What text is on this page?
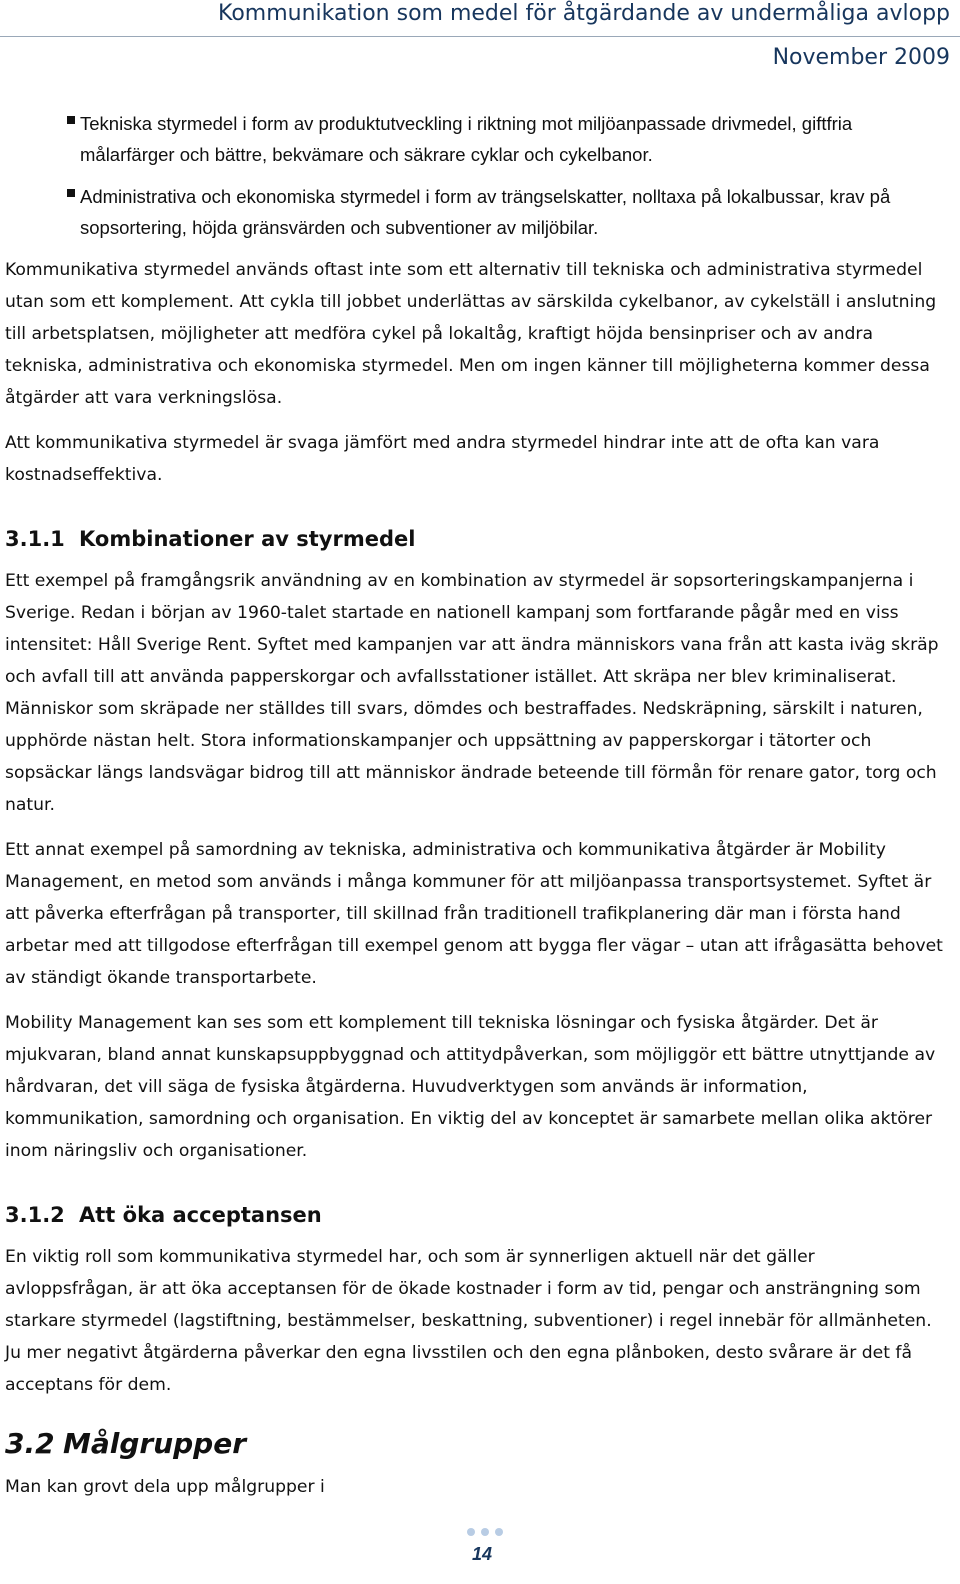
Kommunikation som medel för åtgärdande av undermåliga avlopp
November 2009
Tekniska styrmedel i form av produktutveckling i riktning mot miljöanpassade drivmedel, giftfria målarfärger och bättre, bekvämare och säkrare cyklar och cykelbanor.
Administrativa och ekonomiska styrmedel i form av trängselskatter, nolltaxa på lokalbussar, krav på sopsortering, höjda gränsvärden och subventioner av miljöbilar.

Kommunikativa styrmedel används oftast inte som ett alternativ till tekniska och administrativa styrmedel utan som ett komplement. Att cykla till jobbet underlättas av särskilda cykelbanor, av cykelställ i anslutning till arbetsplatsen, möjligheter att medföra cykel på lokaltåg, kraftigt höjda bensinpriser och av andra tekniska, administrativa och ekonomiska styrmedel. Men om ingen känner till möjligheterna kommer dessa åtgärder att vara verkningslösa.

Att kommunikativa styrmedel är svaga jämfört med andra styrmedel hindrar inte att de ofta kan vara kostnadseffektiva.

3.1.1 Kombinationer av styrmedel

Ett exempel på framgångsrik användning av en kombination av styrmedel är sopsorteringskampanjerna i Sverige. Redan i början av 1960-talet startade en nationell kampanj som fortfarande pågår med en viss intensitet: Håll Sverige Rent. Syftet med kampanjen var att ändra människors vana från att kasta iväg skräp och avfall till att använda papperskorgar och avfallsstationer istället. Att skräpa ner blev kriminaliserat. Människor som skräpade ner ställdes till svars, dömdes och bestraffades. Nedskräpning, särskilt i naturen, upphörde nästan helt. Stora informationskampanjer och uppsättning av papperskorgar i tätorter och sopsäckar längs landsvägar bidrog till att människor ändrade beteende till förmån för renare gator, torg och natur.

Ett annat exempel på samordning av tekniska, administrativa och kommunikativa åtgärder är Mobility Management, en metod som används i många kommuner för att miljöanpassa transportsystemet. Syftet är att påverka efterfrågan på transporter, till skillnad från traditionell trafikplanering där man i första hand arbetar med att tillgodose efterfrågan till exempel genom att bygga fler vägar – utan att ifrågasätta behovet av ständigt ökande transportarbete.

Mobility Management kan ses som ett komplement till tekniska lösningar och fysiska åtgärder. Det är mjukvaran, bland annat kunskapsuppbyggnad och attitydpåverkan, som möjliggör ett bättre utnyttjande av hårdvaran, det vill säga de fysiska åtgärderna. Huvudverktygen som används är information, kommunikation, samordning och organisation. En viktig del av konceptet är samarbete mellan olika aktörer inom näringsliv och organisationer.

3.1.2 Att öka acceptansen

En viktig roll som kommunikativa styrmedel har, och som är synnerligen aktuell när det gäller avloppsfrågan, är att öka acceptansen för de ökade kostnader i form av tid, pengar och ansträngning som starkare styrmedel (lagstiftning, bestämmelser, beskattning, subventioner) i regel innebär för allmänheten. Ju mer negativt åtgärderna påverkar den egna livsstilen och den egna plånboken, desto svårare är det få acceptans för dem.

3.2 Målgrupper

Man kan grovt dela upp målgrupper i

14
